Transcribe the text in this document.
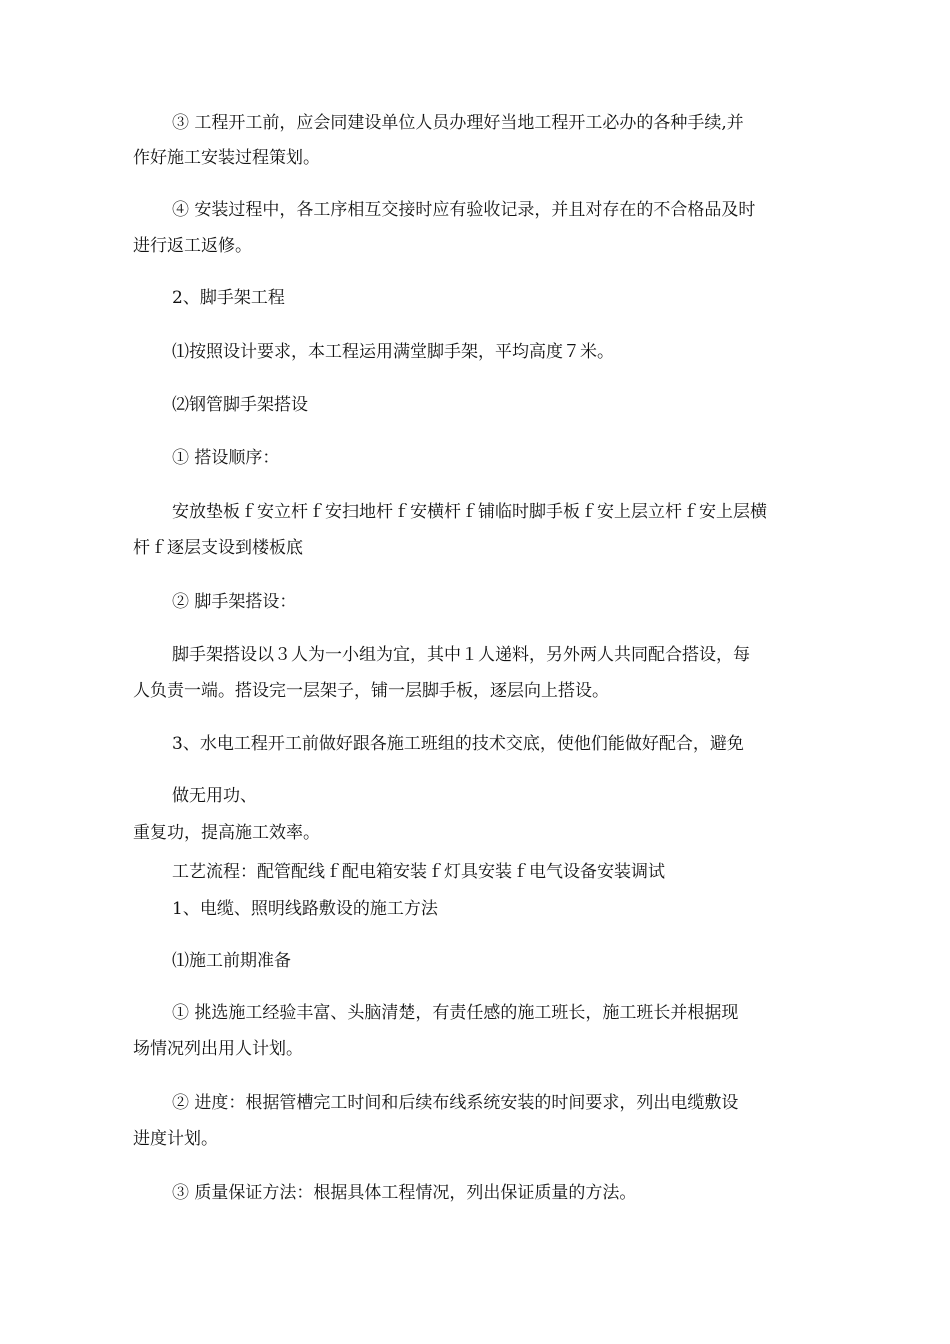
③ 工程开工前，应会同建设单位人员办理好当地工程开工必办的各种手续,并
作好施工安装过程策划。
④ 安装过程中，各工序相互交接时应有验收记录，并且对存在的不合格品及时
进行返工返修。
2、脚手架工程
⑴按照设计要求，本工程运用满堂脚手架，平均高度７米。
⑵钢管脚手架搭设
① 搭设顺序：
安放垫板ｆ安立杆ｆ安扫地杆ｆ安横杆ｆ铺临时脚手板ｆ安上层立杆ｆ安上层横
杆ｆ逐层支设到楼板底
② 脚手架搭设：
脚手架搭设以３人为一小组为宜，其中１人递料，另外两人共同配合搭设，每
人负责一端。搭设完一层架子，铺一层脚手板，逐层向上搭设。
3、水电工程开工前做好跟各施工班组的技术交底，使他们能做好配合，避免
做无用功、
重复功，提高施工效率。
工艺流程：配管配线ｆ配电箱安装ｆ灯具安装ｆ电气设备安装调试
1、电缆、照明线路敷设的施工方法
⑴施工前期准备
① 挑选施工经验丰富、头脑清楚，有责任感的施工班长，施工班长并根据现
场情况列出用人计划。
② 进度：根据管槽完工时间和后续布线系统安装的时间要求，列出电缆敷设
进度计划。
③ 质量保证方法：根据具体工程情况，列出保证质量的方法。
